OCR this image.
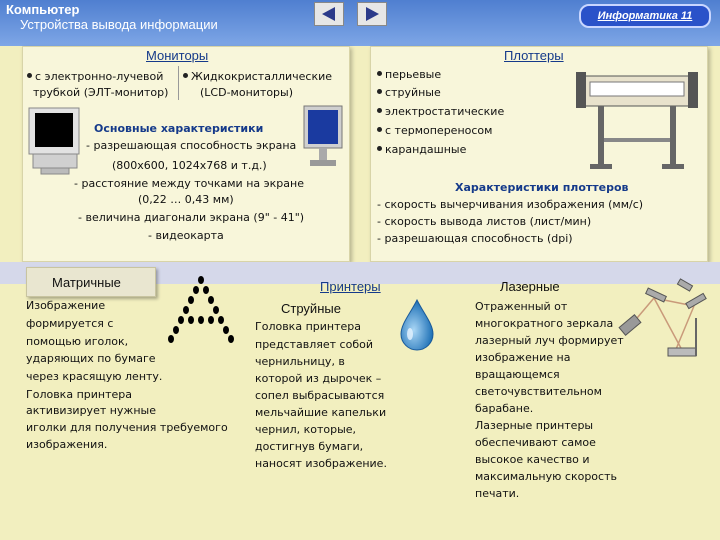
Компьютер
Устройства вывода информации
Информатика 11
Мониторы
с электронно-лучевой
трубкой (ЭЛТ-монитор)
Жидкокристаллические
(LCD-мониторы)
Основные характеристики
- разрешающая способность экрана
(800х600, 1024х768 и т.д.)
- расстояние между точками на экране
(0,22 … 0,43 мм)
- величина диагонали экрана (9" - 41")
- видеокарта
Плоттеры
перьевые
струйные
электростатические
с термопереносом
карандашные
Характеристики плоттеров
- скорость вычерчивания изображения (мм/с)
- скорость вывода листов (лист/мин)
- разрешающая способность (dpi)
Матричные	Принтеры	Лазерные
Изображение
формируется с
помощью иголок,
ударяющих по бумаге
через красящую ленту.
Головка принтера
активизирует нужные
иголки для получения требуемого
изображения.
Струйные
Головка принтера
представляет собой
чернильницу, в
которой из дырочек –
сопел выбрасываются
мельчайшие капельки
чернил, которые,
достигнув бумаги,
наносят изображение.
Отраженный от
многократного зеркала
лазерный луч формирует
изображение на
вращающемся
светочувствительном
барабане.
Лазерные принтеры
обеспечивают самое
высокое качество и
максимальную скорость
печати.
